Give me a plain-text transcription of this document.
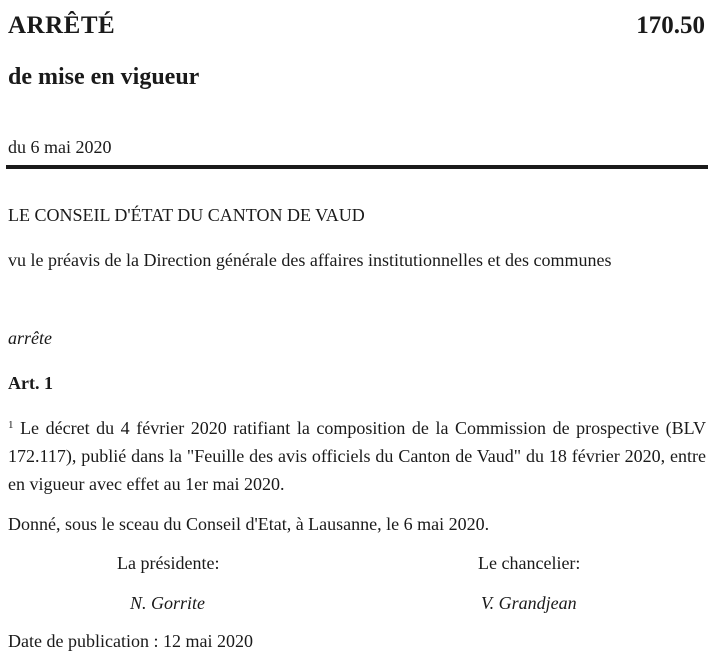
ARRÊTÉ	170.50
de mise en vigueur
du 6 mai 2020
LE CONSEIL D'ÉTAT DU CANTON DE VAUD
vu le préavis de la Direction générale des affaires institutionnelles et des communes
arrête
Art. 1
$^1$ Le décret du 4 février 2020 ratifiant la composition de la Commission de prospective (BLV 172.117), publié dans la "Feuille des avis officiels du Canton de Vaud" du 18 février 2020, entre en vigueur avec effet au 1er mai 2020.
Donné, sous le sceau du Conseil d'Etat, à Lausanne, le 6 mai 2020.
La présidente:	Le chancelier:
N. Gorrite	V. Grandjean
Date de publication : 12 mai 2020
